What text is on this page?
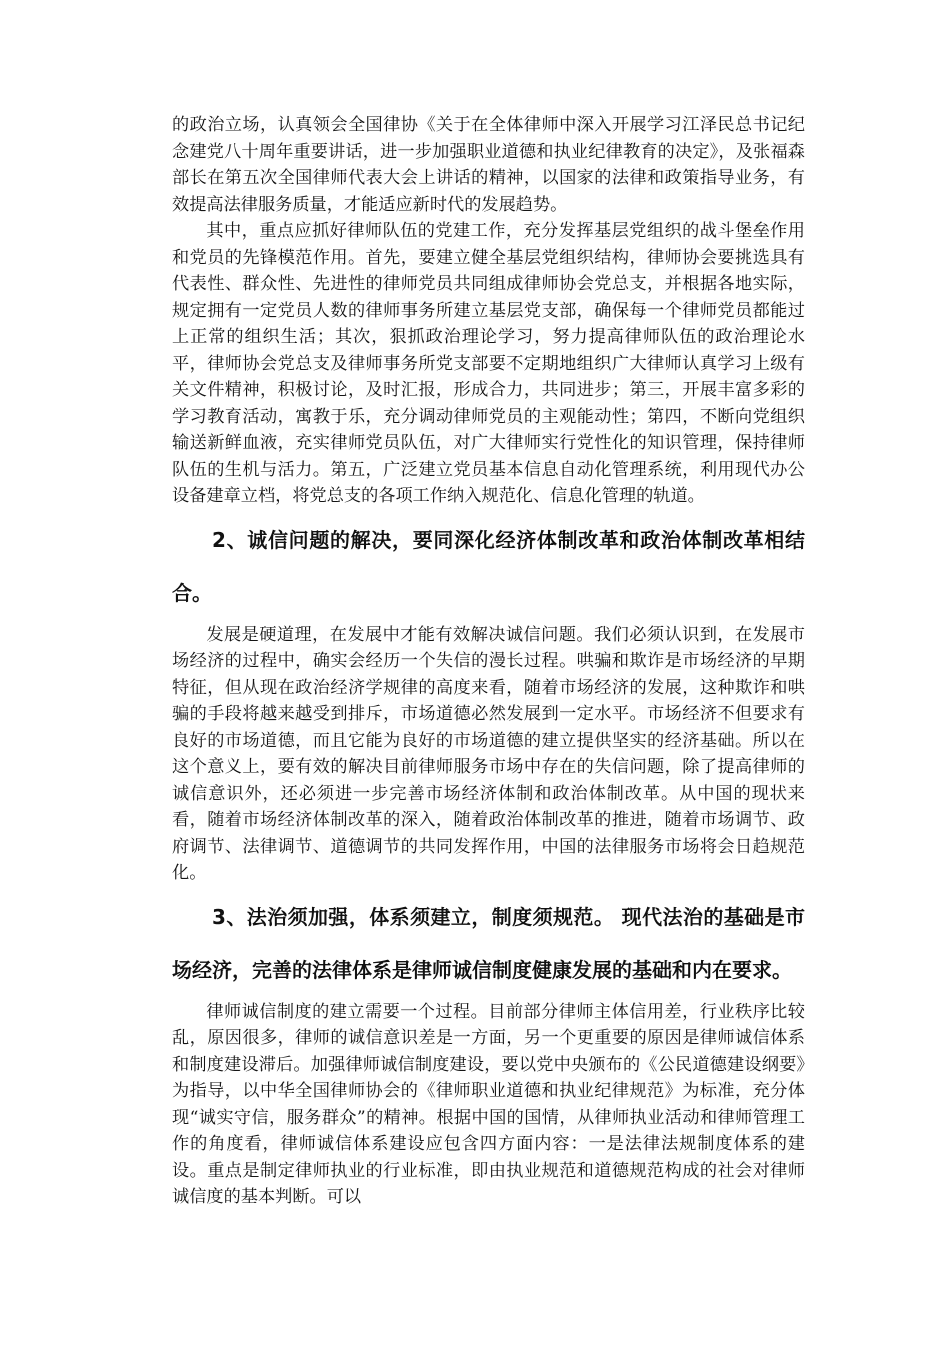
的政治立场，认真领会全国律协《关于在全体律师中深入开展学习江泽民总书记纪念建党八十周年重要讲话，进一步加强职业道德和执业纪律教育的决定》，及张福森部长在第五次全国律师代表大会上讲话的精神，以国家的法律和政策指导业务，有效提高法律服务质量，才能适应新时代的发展趋势。

其中，重点应抓好律师队伍的党建工作，充分发挥基层党组织的战斗堡垒作用和党员的先锋模范作用。首先，要建立健全基层党组织结构，律师协会要挑选具有代表性、群众性、先进性的律师党员共同组成律师协会党总支，并根据各地实际，规定拥有一定党员人数的律师事务所建立基层党支部，确保每一个律师党员都能过上正常的组织生活；其次，狠抓政治理论学习，努力提高律师队伍的政治理论水平，律师协会党总支及律师事务所党支部要不定期地组织广大律师认真学习上级有关文件精神，积极讨论，及时汇报，形成合力，共同进步；第三，开展丰富多彩的学习教育活动，寓教于乐，充分调动律师党员的主观能动性；第四，不断向党组织输送新鲜血液，充实律师党员队伍，对广大律师实行党性化的知识管理，保持律师队伍的生机与活力。第五，广泛建立党员基本信息自动化管理系统，利用现代办公设备建章立档，将党总支的各项工作纳入规范化、信息化管理的轨道。

2、诚信问题的解决，要同深化经济体制改革和政治体制改革相结合。

发展是硬道理，在发展中才能有效解决诚信问题。我们必须认识到，在发展市场经济的过程中，确实会经历一个失信的漫长过程。哄骗和欺诈是市场经济的早期特征，但从现在政治经济学规律的高度来看，随着市场经济的发展，这种欺诈和哄骗的手段将越来越受到排斥，市场道德必然发展到一定水平。市场经济不但要求有良好的市场道德，而且它能为良好的市场道德的建立提供坚实的经济基础。所以在这个意义上，要有效的解决目前律师服务市场中存在的失信问题，除了提高律师的诚信意识外，还必须进一步完善市场经济体制和政治体制改革。从中国的现状来看，随着市场经济体制改革的深入，随着政治体制改革的推进，随着市场调节、政府调节、法律调节、道德调节的共同发挥作用，中国的法律服务市场将会日趋规范化。

3、法治须加强，体系须建立，制度须规范。 现代法治的基础是市场经济，完善的法律体系是律师诚信制度健康发展的基础和内在要求。

律师诚信制度的建立需要一个过程。目前部分律师主体信用差，行业秩序比较乱，原因很多，律师的诚信意识差是一方面，另一个更重要的原因是律师诚信体系和制度建设滞后。加强律师诚信制度建设，要以党中央颁布的《公民道德建设纲要》为指导，以中华全国律师协会的《律师职业道德和执业纪律规范》为标准，充分体现“诚实守信，服务群众”的精神。根据中国的国情，从律师执业活动和律师管理工作的角度看，律师诚信体系建设应包含四方面内容：一是法律法规制度体系的建设。重点是制定律师执业的行业标准，即由执业规范和道德规范构成的社会对律师诚信度的基本判断。可以
